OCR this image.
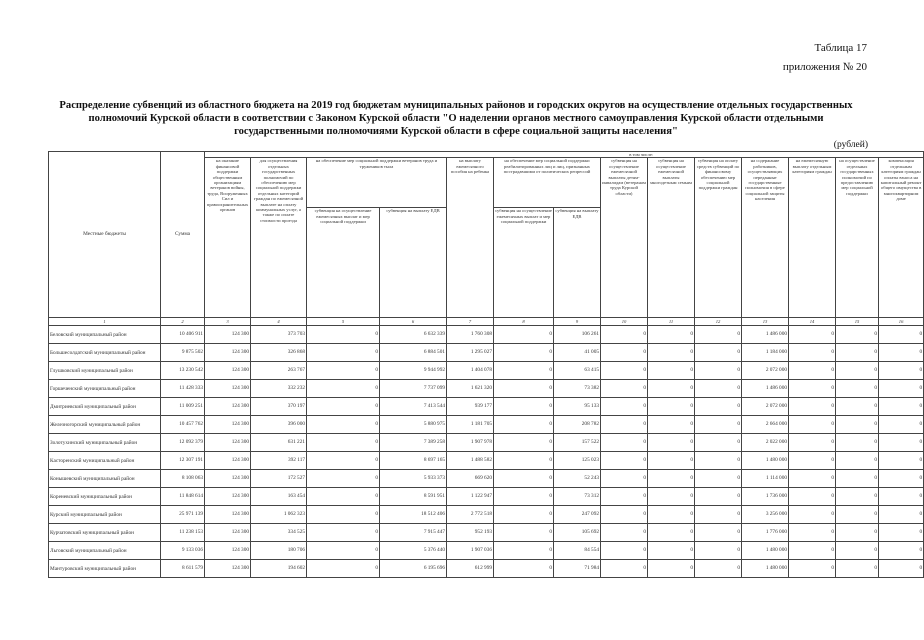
Таблица 17
приложения № 20
Распределение субвенций из областного бюджета на 2019 год бюджетам муниципальных районов и городских округов на осуществление отдельных государственных полномочий Курской области в соответствии с Законом Курской области "О наделении органов местного самоуправления Курской области отдельными государственными полномочиями Курской области в сфере социальной защиты населения"
(рублей)
Местные бюджеты	Сумма	в том числе:													
		на оказание финансовой поддержки общественным организациям ветеранов войны, труда, Вооруженных Сил и правоохранительных органов	для осуществления отдельных государственных полномочий по обеспечению мер социальной поддержки отдельных категорий граждан по ежемесячной выплате на оплату коммунальных услуг, а также по оплате стоимости проезда	на обеспечение мер социальной поддержки ветеранов труда и тружеников тыла		на выплату ежемесячного пособия на ребенка	на обеспечение мер социальной поддержки реабилитированных лиц и лиц, признанных пострадавшими от политических репрессий		субвенция на осуществление ежемесячной выплаты детям-инвалидам (ветеранам труда Курской области)	субвенция на осуществление ежемесячной выплаты многодетным семьям	субвенция на оплату средств субвенций по финансовому обеспечению мер социальной поддержки граждан	на содержание работников, осуществляющих переданные государственные полномочия в сфере социальной защиты населения	на ежемесячную выплату отдельным категориям граждан	на осуществление отдельных государственных полномочий по предоставлению мер социальной поддержки	компенсация отдельным категориям граждан оплаты взноса на капитальный ремонт общего имущества в многоквартирном доме
				субвенция на осуществление ежемесячных выплат и мер социальной поддержки	субвенция на выплату ЕДВ		субвенция на осуществление ежемесячных выплат и мер социальной поддержки	субвенция на выплату ЕДВ							
1	2	3	4	5	6	7	8	9	10	11	12	13	14	15	16
Беловский муниципальный район	10 406 911	124 300	373 703	0	6 632 339	1 760 308	0	106 261	0	0	0	1 486 000	0	0	0
Большесолдатский муниципальный район	9 875 502	124 300	326 868	0	6 884 501	1 295 027	0	41 005	0	0	0	1 184 000	0	0	0
Глушковский муниципальный район	13 230 542	124 300	263 767	0	9 944 992	1 404 078	0	63 415	0	0	0	2 072 000	0	0	0
Горшеченский муниципальный район	11 428 333	124 300	332 232	0	7 737 099	1 621 320	0	73 382	0	0	0	1 486 000	0	0	0
Дмитриевский муниципальный район	11 009 251	124 300	370 197	0	7 413 544	939 177	0	95 133	0	0	0	2 072 000	0	0	0
Железногорский муниципальный район	10 457 762	124 300	396 000	0	5 880 975	1 181 705	0	208 782	0	0	0	2 664 000	0	0	0
Золотухинский муниципальный район	12 092 379	124 300	631 221	0	7 389 258	1 907 978	0	157 522	0	0	0	2 022 000	0	0	0
Касторенский муниципальный район	12 307 191	124 300	392 117	0	8 697 165	1 488 582	0	125 023	0	0	0	1 480 000	0	0	0
Конышевский муниципальный район	8 108 063	124 300	172 527	0	5 933 373	669 620	0	52 243	0	0	0	1 114 000	0	0	0
Кореневский муниципальный район	11 848 614	124 300	163 454	0	8 591 951	1 122 947	0	73 312	0	0	0	1 736 000	0	0	0
Курский муниципальный район	25 971 139	124 300	1 062 323	0	18 512 406	2 772 518	0	247 092	0	0	0	3 256 000	0	0	0
Курчатовский муниципальный район	11 238 153	124 300	334 525	0	7 915 447	952 193	0	105 692	0	0	0	1 776 000	0	0	0
Льговский муниципальный район	9 133 036	124 300	180 706	0	5 376 440	1 907 036	0	84 554	0	0	0	1 480 000	0	0	0
Мантуровский муниципальный район	8 611 579	124 300	194 602	0	6 195 696	612 999	0	71 984	0	0	0	1 480 000	0	0	0
